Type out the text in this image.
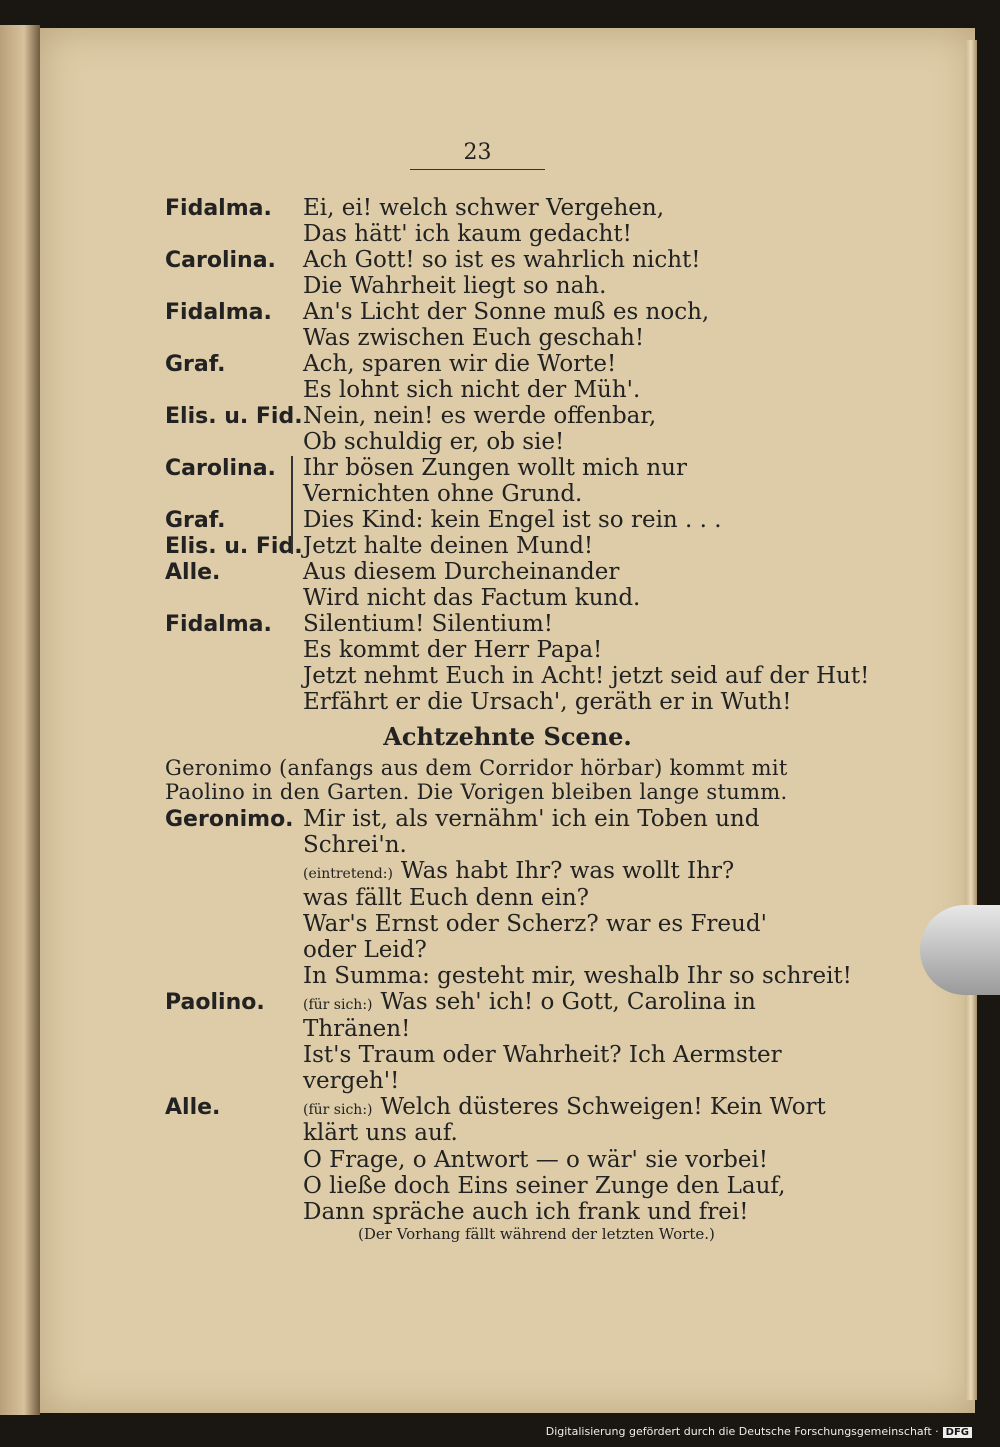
23
Fidalma. Ei, ei! welch schwer Vergehen,
Das hätt' ich kaum gedacht!
Carolina. Ach Gott! so ist es wahrlich nicht!
Die Wahrheit liegt so nah.
Fidalma. An's Licht der Sonne muß es noch,
Was zwischen Euch geschah!
Graf.	Ach, sparen wir die Worte!
Es lohnt sich nicht der Müh'.
Elis. u. Fid. Nein, nein! es werde offenbar,
Ob schuldig er, ob sie!
Carolina. Ihr bösen Zungen wollt mich nur
Vernichten ohne Grund.
Graf.	Dies Kind: kein Engel ist so rein . . .
Elis. u. Fid. Jetzt halte deinen Mund!
Alle.	Aus diesem Durcheinander
Wird nicht das Factum kund.
Fidalma. Silentium! Silentium!
Es kommt der Herr Papa!
Jetzt nehmt Euch in Acht! jetzt seid auf der Hut!
Erfährt er die Ursach', geräth er in Wuth!
Achtzehnte Scene.
Geronimo (anfangs aus dem Corridor hörbar) kommt mit
Paolino in den Garten. Die Vorigen bleiben lange stumm.
Geronimo. Mir ist, als vernähm' ich ein Toben und
Schrei'n.
(eintretend:) Was habt Ihr? was wollt Ihr?
was fällt Euch denn ein?
War's Ernst oder Scherz? war es Freud'
oder Leid?
In Summa: gesteht mir, weshalb Ihr so schreit!
Paolino.	(für sich:) Was seh' ich! o Gott, Carolina in
Thränen!
Ist's Traum oder Wahrheit? Ich Aermster
vergeh'!
Alle.	(für sich:) Welch düsteres Schweigen! Kein Wort
klärt uns auf.
O Frage, o Antwort — o wär' sie vorbei!
O ließe doch Eins seiner Zunge den Lauf,
Dann spräche auch ich frank und frei!
(Der Vorhang fällt während der letzten Worte.)
Digitalisierung gefördert durch die Deutsche Forschungsgemeinschaft · DFG
